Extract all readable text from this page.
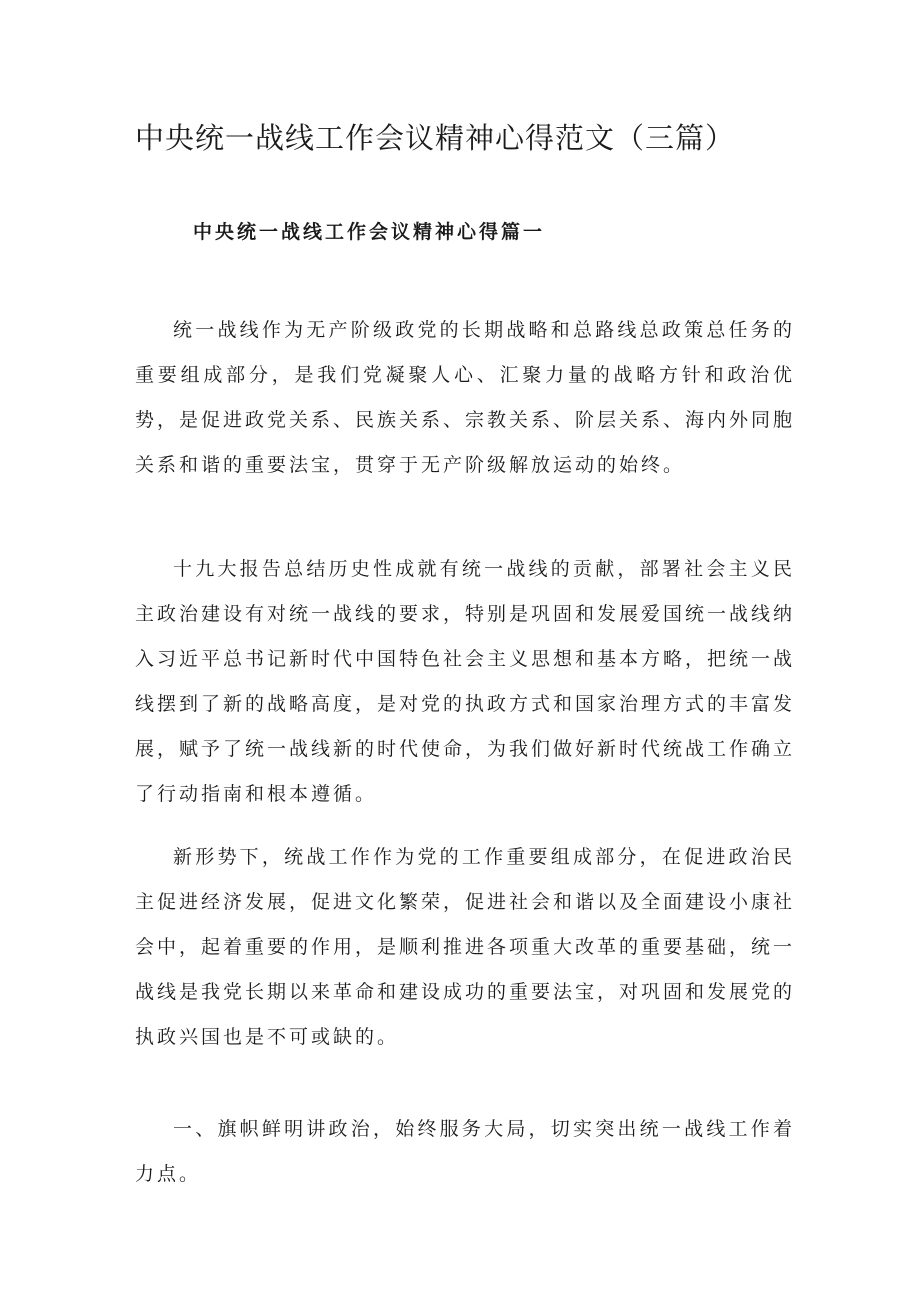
中央统一战线工作会议精神心得范文（三篇）
中央统一战线工作会议精神心得篇一

统一战线作为无产阶级政党的长期战略和总路线总政策总任务的重要组成部分，是我们党凝聚人心、汇聚力量的战略方针和政治优势，是促进政党关系、民族关系、宗教关系、阶层关系、海内外同胞关系和谐的重要法宝，贯穿于无产阶级解放运动的始终。

十九大报告总结历史性成就有统一战线的贡献，部署社会主义民主政治建设有对统一战线的要求，特别是巩固和发展爱国统一战线纳入习近平总书记新时代中国特色社会主义思想和基本方略，把统一战线摆到了新的战略高度，是对党的执政方式和国家治理方式的丰富发展，赋予了统一战线新的时代使命，为我们做好新时代统战工作确立了行动指南和根本遵循。

新形势下，统战工作作为党的工作重要组成部分，在促进政治民主促进经济发展，促进文化繁荣，促进社会和谐以及全面建设小康社会中，起着重要的作用，是顺利推进各项重大改革的重要基础，统一战线是我党长期以来革命和建设成功的重要法宝，对巩固和发展党的执政兴国也是不可或缺的。

一、旗帜鲜明讲政治，始终服务大局，切实突出统一战线工作着力点。
